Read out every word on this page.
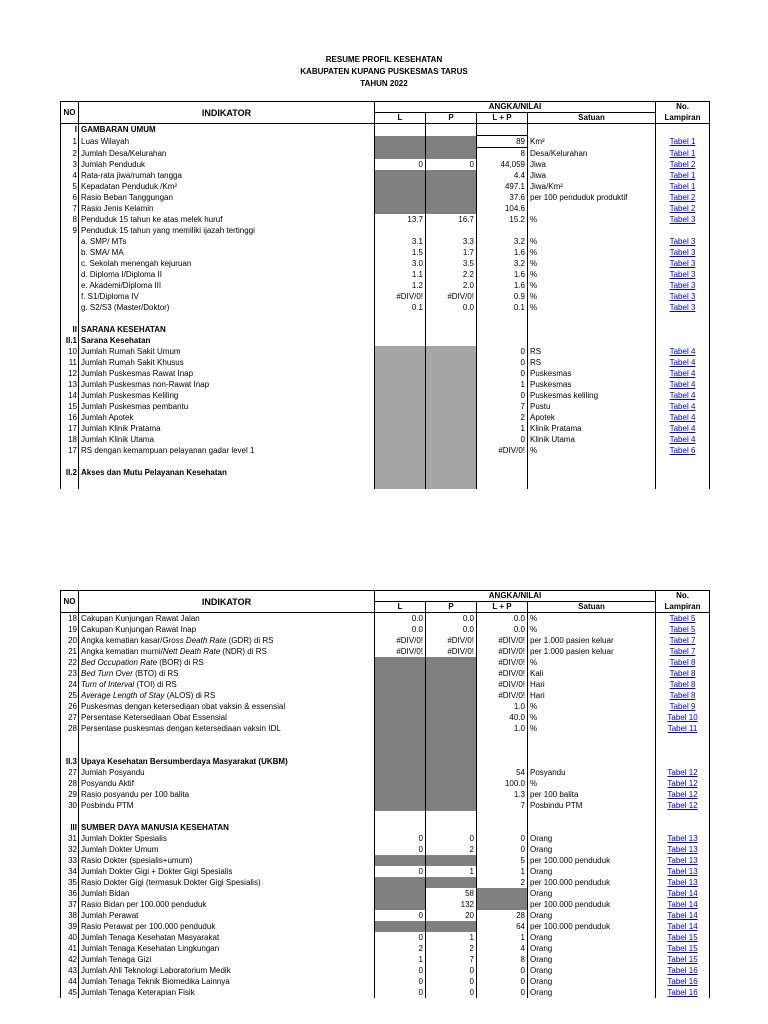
RESUME PROFIL KESEHATAN
KABUPATEN KUPANG PUSKESMAS TARUS
TAHUN 2022
NO	INDIKATOR	ANGKA/NILAI				No.
		L	P	L + P	Satuan	Lampiran
I	GAMBARAN UMUM					
1	Luas Wilayah			89	Km²	Tabel 1
2	Jumlah Desa/Kelurahan			8	Desa/Kelurahan	Tabel 1
3	Jumlah Penduduk	0	0	44,059	Jiwa	Tabel 2
4	Rata-rata jiwa/rumah tangga			4.4	Jiwa	Tabel 1
5	Kepadatan Penduduk /Km²			497.1	Jiwa/Km²	Tabel 1
6	Rasio Beban Tanggungan			37.6	per 100 penduduk produktif	Tabel 2
7	Rasio Jenis Kelamin			104.6		Tabel 2
8	Penduduk 15 tahun ke atas melek huruf	13.7	16.7	15.2	%	Tabel 3
9	Penduduk 15 tahun yang memiliki ijazah tertinggi					
	a. SMP/ MTs	3.1	3.3	3.2	%	Tabel 3
	b. SMA/ MA	1.5	1.7	1.6	%	Tabel 3
	c. Sekolah menengah kejuruan	3.0	3.5	3.2	%	Tabel 3
	d. Diploma I/Diploma II	1.1	2.2	1.6	%	Tabel 3
	e. Akademi/Diploma III	1.2	2.0	1.6	%	Tabel 3
	f. S1/Diploma IV	#DIV/0!	#DIV/0!	0.9	%	Tabel 3
	g. S2/S3 (Master/Doktor)	0.1	0.0	0.1	%	Tabel 3

II	SARANA KESEHATAN					
II.1	Sarana Kesehatan					
10	Jumlah Rumah Sakit Umum			0	RS	Tabel 4
11	Jumlah Rumah Sakit Khusus			0	RS	Tabel 4
12	Jumlah Puskesmas Rawat Inap			0	Puskesmas	Tabel 4
13	Jumlah Puskesmas non-Rawat Inap			1	Puskesmas	Tabel 4
14	Jumlah Puskesmas Keliling			0	Puskesmas keliling	Tabel 4
15	Jumlah Puskesmas pembantu			7	Pustu	Tabel 4
16	Jumlah Apotek			2	Apotek	Tabel 4
17	Jumlah Klinik Pratama			1	Klinik Pratama	Tabel 4
18	Jumlah Klinik Utama			0	Klinik Utama	Tabel 4
17	RS dengan kemampuan pelayanan gadar level 1			#DIV/0!	%	Tabel 6

II.2	Akses dan Mutu Pelayanan Kesehatan					

NO	INDIKATOR	ANGKA/NILAI				No.
		L	P	L + P	Satuan	Lampiran
18	Cakupan Kunjungan Rawat Jalan	0.0	0.0	0.0	%	Tabel 5
19	Cakupan Kunjungan Rawat Inap	0.0	0.0	0.0	%	Tabel 5
20	Angka kematian kasar/Gross Death Rate (GDR) di RS	#DIV/0!	#DIV/0!	#DIV/0!	per 1.000 pasien keluar	Tabel 7
21	Angka kematian murni/Nett Death Rate (NDR) di RS	#DIV/0!	#DIV/0!	#DIV/0!	per 1.000 pasien keluar	Tabel 7
22	Bed Occupation Rate (BOR) di RS			#DIV/0!	%	Tabel 8
23	Bed Turn Over (BTO) di RS			#DIV/0!	Kali	Tabel 8
24	Turn of Interval (TOI) di RS			#DIV/0!	Hari	Tabel 8
25	Average Length of Stay (ALOS) di RS			#DIV/0!	Hari	Tabel 8
26	Puskesmas dengan ketersediaan obat vaksin & essensial			1.0	%	Tabel 9
27	Persentase Ketersediaan Obat Essensial			40.0	%	Tabel 10
28	Persentase puskesmas dengan ketersediaan vaksin IDL			1.0	%	Tabel 11

II.3	Upaya Kesehatan Bersumberdaya Masyarakat (UKBM)					
27	Jumlah Posyandu			54	Posyandu	Tabel 12
28	Posyandu Aktif			100.0	%	Tabel 12
29	Rasio posyandu per 100 balita			1.3	per 100 balita	Tabel 12
30	Posbindu PTM			7	Posbindu PTM	Tabel 12

III	SUMBER DAYA MANUSIA KESEHATAN					
31	Jumlah Dokter Spesialis	0	0	0	Orang	Tabel 13
32	Jumlah Dokter Umum	0	2	0	Orang	Tabel 13
33	Rasio Dokter (spesialis+umum)			5	per 100.000 penduduk	Tabel 13
34	Jumlah Dokter Gigi + Dokter Gigi Spesialis	0	1	1	Orang	Tabel 13
35	Rasio Dokter Gigi (termasuk Dokter Gigi Spesialis)			2	per 100.000 penduduk	Tabel 13
36	Jumlah Bidan		58		Orang	Tabel 14
37	Rasio Bidan per 100.000 penduduk		132		per 100.000 penduduk	Tabel 14
38	Jumlah Perawat	0	20	28	Orang	Tabel 14
39	Rasio Perawat per 100.000 penduduk			64	per 100.000 penduduk	Tabel 14
40	Jumlah Tenaga Kesehatan Masyarakat	0	1	1	Orang	Tabel 15
41	Jumlah Tenaga Kesehatan Lingkungan	2	2	4	Orang	Tabel 15
42	Jumlah Tenaga Gizi	1	7	8	Orang	Tabel 15
43	Jumlah Ahli Teknologi Laboratorium Medik	0	0	0	Orang	Tabel 16
44	Jumlah Tenaga Teknik Biomedika Lainnya	0	0	0	Orang	Tabel 16
45	Jumlah Tenaga Keterapian Fisik	0	0	0	Orang	Tabel 16
